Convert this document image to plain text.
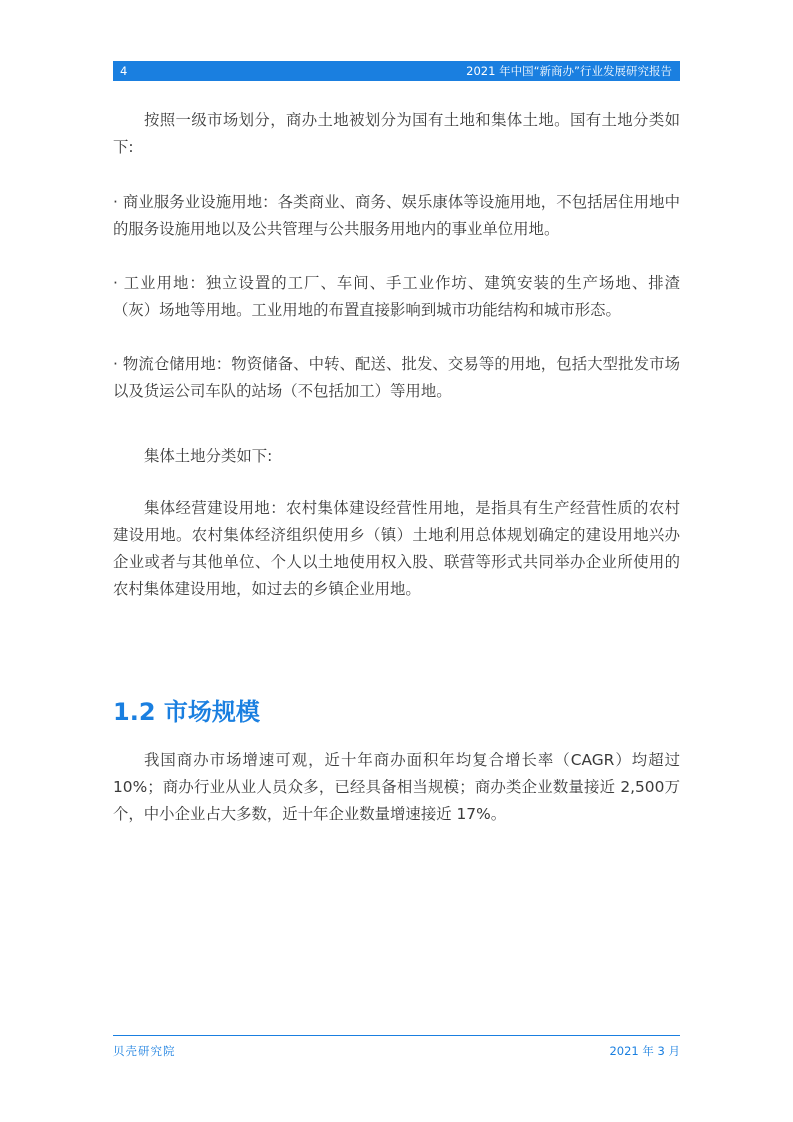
4	2021 年中国“新商办”行业发展研究报告

按照一级市场划分，商办土地被划分为国有土地和集体土地。国有土地分类如下:

· 商业服务业设施用地：各类商业、商务、娱乐康体等设施用地，不包括居住用地中的服务设施用地以及公共管理与公共服务用地内的事业单位用地。

· 工业用地：独立设置的工厂、车间、手工业作坊、建筑安装的生产场地、排渣（灰）场地等用地。工业用地的布置直接影响到城市功能结构和城市形态。

· 物流仓储用地：物资储备、中转、配送、批发、交易等的用地，包括大型批发市场以及货运公司车队的站场（不包括加工）等用地。

集体土地分类如下:

集体经营建设用地：农村集体建设经营性用地，是指具有生产经营性质的农村建设用地。农村集体经济组织使用乡（镇）土地利用总体规划确定的建设用地兴办企业或者与其他单位、个人以土地使用权入股、联营等形式共同举办企业所使用的农村集体建设用地，如过去的乡镇企业用地。

1.2 市场规模

我国商办市场增速可观，近十年商办面积年均复合增长率（CAGR）均超过10%；商办行业从业人员众多，已经具备相当规模；商办类企业数量接近 2,500万个，中小企业占大多数，近十年企业数量增速接近 17%。

贝壳研究院	2021 年 3 月
